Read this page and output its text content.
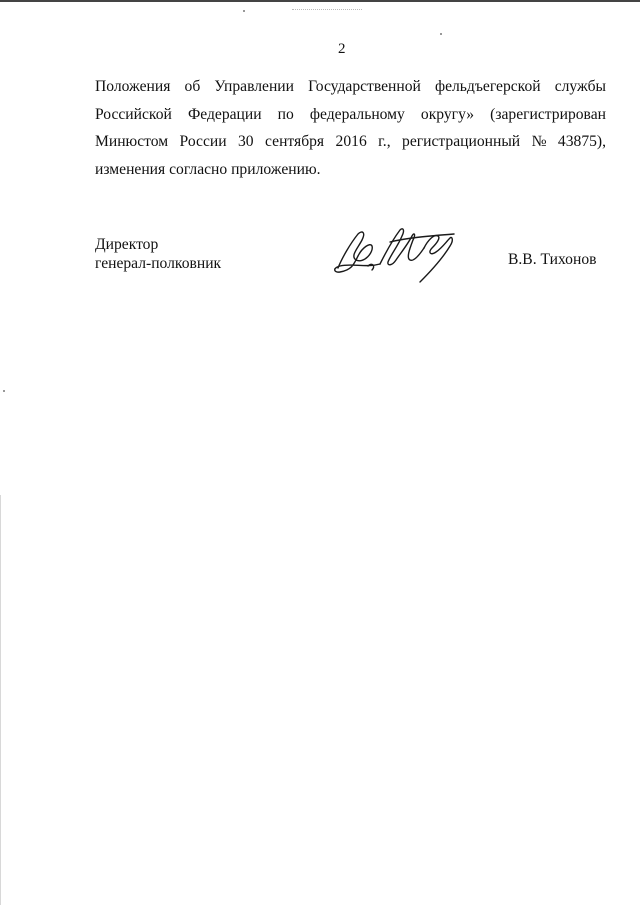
2
Положения об Управлении Государственной фельдъегерской службы
Российской Федерации по федеральному округу» (зарегистрирован
Минюстом России 30 сентября 2016 г., регистрационный № 43875),
изменения согласно приложению.
Директор
генерал-полковник	В.В. Тихонов
